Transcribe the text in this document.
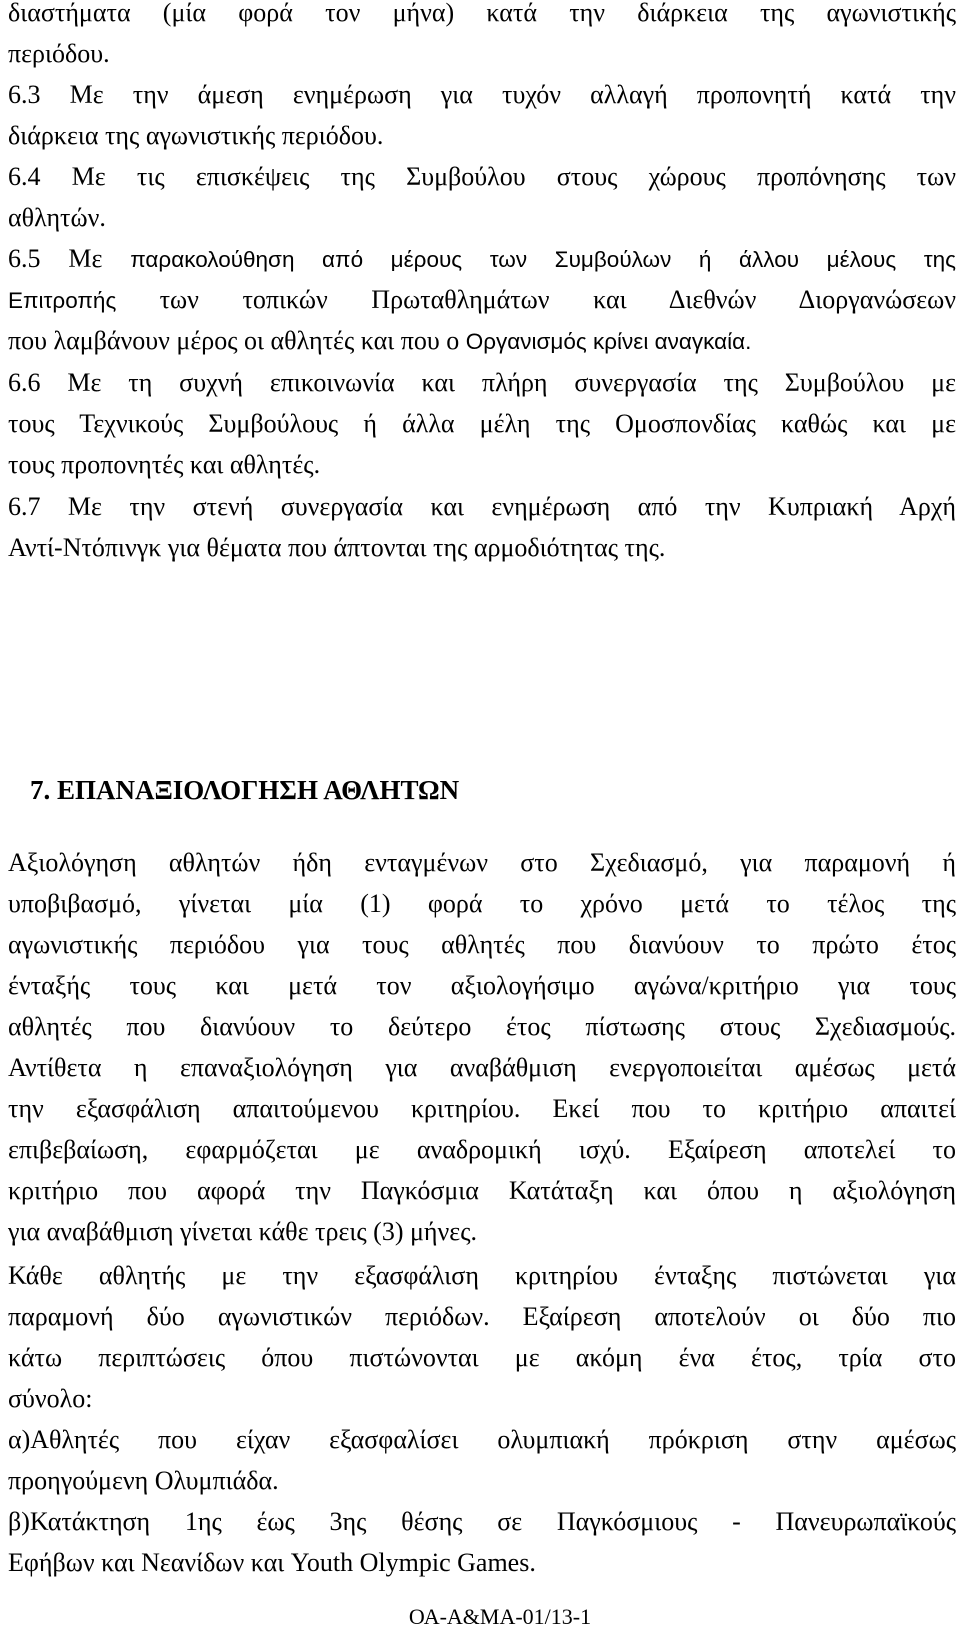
διαστήματα (μία φορά τον μήνα) κατά την διάρκεια της αγωνιστικής
περιόδου.
6.3 Με την άμεση ενημέρωση για τυχόν αλλαγή προπονητή κατά την
διάρκεια της αγωνιστικής περιόδου.
6.4 Με τις επισκέψεις της Συμβούλου στους χώρους προπόνησης των
αθλητών.
6.5 Με παρακολούθηση από μέρους των Συμβούλων ή άλλου μέλους της
Επιτροπής των τοπικών Πρωταθλημάτων και Διεθνών Διοργανώσεων
που λαμβάνουν μέρος οι αθλητές και που ο Οργανισμός κρίνει αναγκαία.
6.6 Με τη συχνή επικοινωνία και πλήρη συνεργασία της Συμβούλου με
τους Τεχνικούς Συμβούλους ή άλλα μέλη της Ομοσπονδίας καθώς και με
τους προπονητές και αθλητές.
6.7 Με την στενή συνεργασία και ενημέρωση από την Κυπριακή Αρχή
Αντί-Ντόπινγκ για θέματα που άπτονται της αρμοδιότητας της.
7. ΕΠΑΝΑΞΙΟΛΟΓΗΣΗ ΑΘΛΗΤΩΝ
Αξιολόγηση αθλητών ήδη ενταγμένων στο Σχεδιασμό, για παραμονή ή
υποβιβασμό, γίνεται μία (1) φορά το χρόνο μετά το τέλος της
αγωνιστικής περιόδου για τους αθλητές που διανύουν το πρώτο έτος
ένταξής τους και μετά τον αξιολογήσιμο αγώνα/κριτήριο για τους
αθλητές που διανύουν το δεύτερο έτος πίστωσης στους Σχεδιασμούς.
Αντίθετα η επαναξιολόγηση για αναβάθμιση ενεργοποιείται αμέσως μετά
την εξασφάλιση απαιτούμενου κριτηρίου. Εκεί που το κριτήριο απαιτεί
επιβεβαίωση, εφαρμόζεται με αναδρομική ισχύ. Εξαίρεση αποτελεί το
κριτήριο που αφορά την Παγκόσμια Κατάταξη και όπου η αξιολόγηση
για αναβάθμιση γίνεται κάθε τρεις (3) μήνες.
Κάθε αθλητής με την εξασφάλιση κριτηρίου ένταξης πιστώνεται για
παραμονή δύο αγωνιστικών περιόδων. Εξαίρεση αποτελούν οι δύο πιο
κάτω περιπτώσεις όπου πιστώνονται με ακόμη ένα έτος, τρία στο
σύνολο:
α)Αθλητές που είχαν εξασφαλίσει ολυμπιακή πρόκριση στην αμέσως
προηγούμενη Ολυμπιάδα.
β)Κατάκτηση 1ης έως 3ης θέσης σε Παγκόσμιους - Πανευρωπαϊκούς
Εφήβων και Νεανίδων και Youth Olympic Games.
ΟΑ-Α&ΜΑ-01/13-1
